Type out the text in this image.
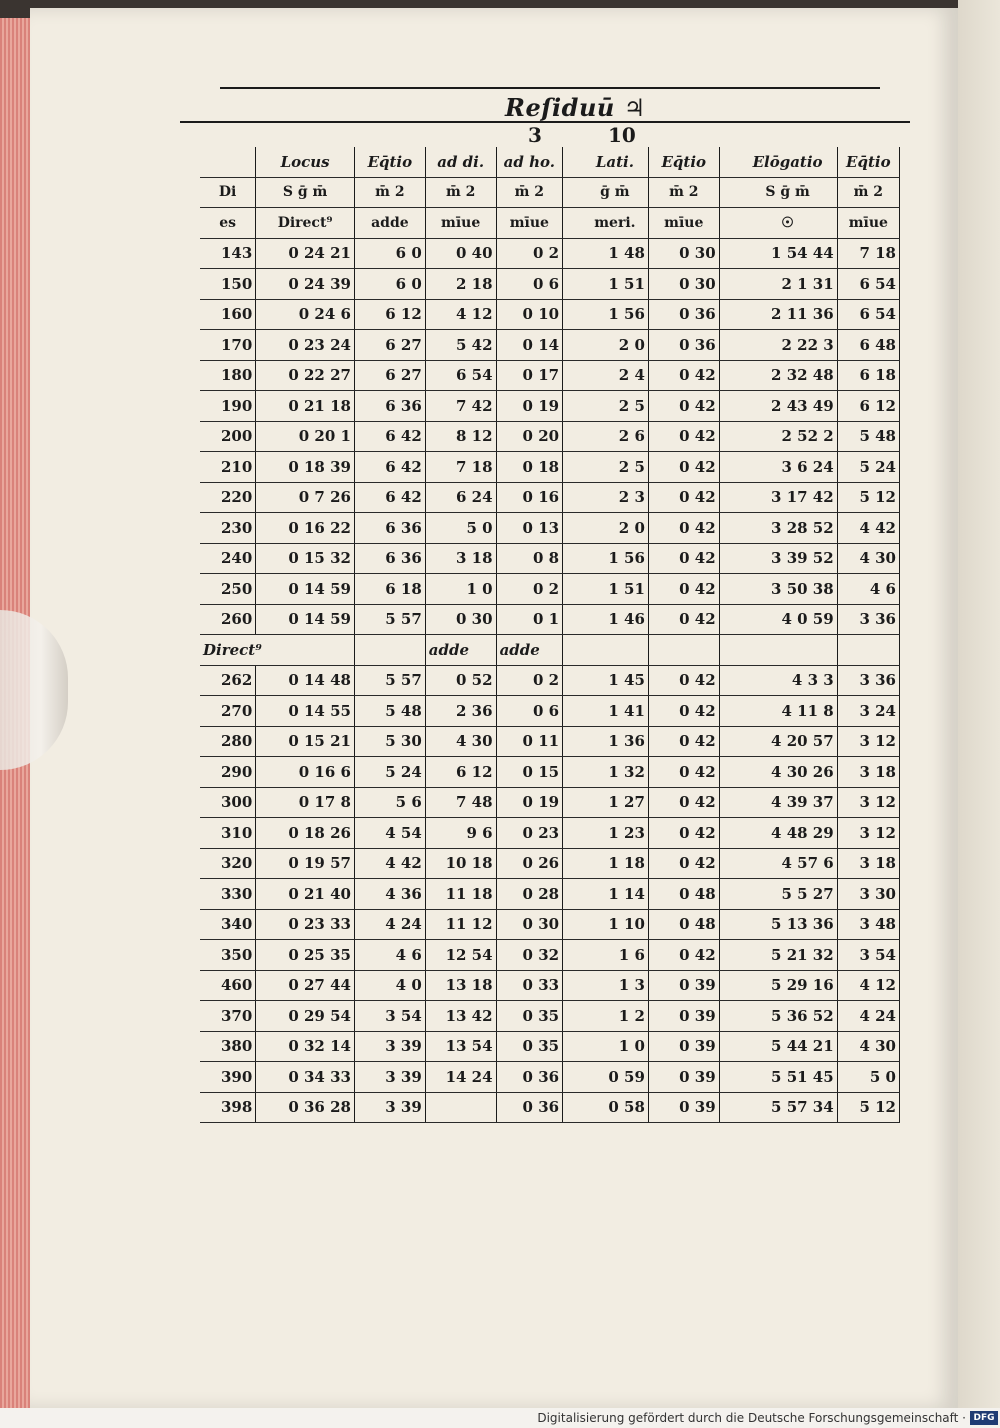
Reſiduū ♃
3	10
	Locus	Eq̄tio	ad di.	ad ho.		Lati.	Eq̄tio		Elōgatio	Eq̄tio
Di	S ḡ m̄	m̄ 2	m̄ 2	m̄ 2		ḡ m̄	m̄ 2		S ḡ m̄	m̄ 2
es	Direct⁹	adde	mīue	mīue		meri.	mīue		☉	mīue
143	0 24 21	6 0	0 40	0 2		1 48	0 30		1 54 44	7 18
150	0 24 39	6 0	2 18	0 6		1 51	0 30		2 1 31	6 54
160	0 24 6	6 12	4 12	0 10		1 56	0 36		2 11 36	6 54
170	0 23 24	6 27	5 42	0 14		2 0	0 36		2 22 3	6 48
180	0 22 27	6 27	6 54	0 17		2 4	0 42		2 32 48	6 18
190	0 21 18	6 36	7 42	0 19		2 5	0 42		2 43 49	6 12
200	0 20 1	6 42	8 12	0 20		2 6	0 42		2 52 2	5 48
210	0 18 39	6 42	7 18	0 18		2 5	0 42		3 6 24	5 24
220	0 7 26	6 42	6 24	0 16		2 3	0 42		3 17 42	5 12
230	0 16 22	6 36	5 0	0 13		2 0	0 42		3 28 52	4 42
240	0 15 32	6 36	3 18	0 8		1 56	0 42		3 39 52	4 30
250	0 14 59	6 18	1 0	0 2		1 51	0 42		3 50 38	4 6
260	0 14 59	5 57	0 30	0 1		1 46	0 42		4 0 59	3 36
Direct⁹			adde	adde						
262	0 14 48	5 57	0 52	0 2		1 45	0 42		4 3 3	3 36
270	0 14 55	5 48	2 36	0 6		1 41	0 42		4 11 8	3 24
280	0 15 21	5 30	4 30	0 11		1 36	0 42		4 20 57	3 12
290	0 16 6	5 24	6 12	0 15		1 32	0 42		4 30 26	3 18
300	0 17 8	5 6	7 48	0 19		1 27	0 42		4 39 37	3 12
310	0 18 26	4 54	9 6	0 23		1 23	0 42		4 48 29	3 12
320	0 19 57	4 42	10 18	0 26		1 18	0 42		4 57 6	3 18
330	0 21 40	4 36	11 18	0 28		1 14	0 48		5 5 27	3 30
340	0 23 33	4 24	11 12	0 30		1 10	0 48		5 13 36	3 48
350	0 25 35	4 6	12 54	0 32		1 6	0 42		5 21 32	3 54
460	0 27 44	4 0	13 18	0 33		1 3	0 39		5 29 16	4 12
370	0 29 54	3 54	13 42	0 35		1 2	0 39		5 36 52	4 24
380	0 32 14	3 39	13 54	0 35		1 0	0 39		5 44 21	4 30
390	0 34 33	3 39	14 24	0 36		0 59	0 39		5 51 45	5 0
398	0 36 28	3 39		0 36		0 58	0 39		5 57 34	5 12
Digitalisierung gefördert durch die Deutsche Forschungsgemeinschaft · DFG
